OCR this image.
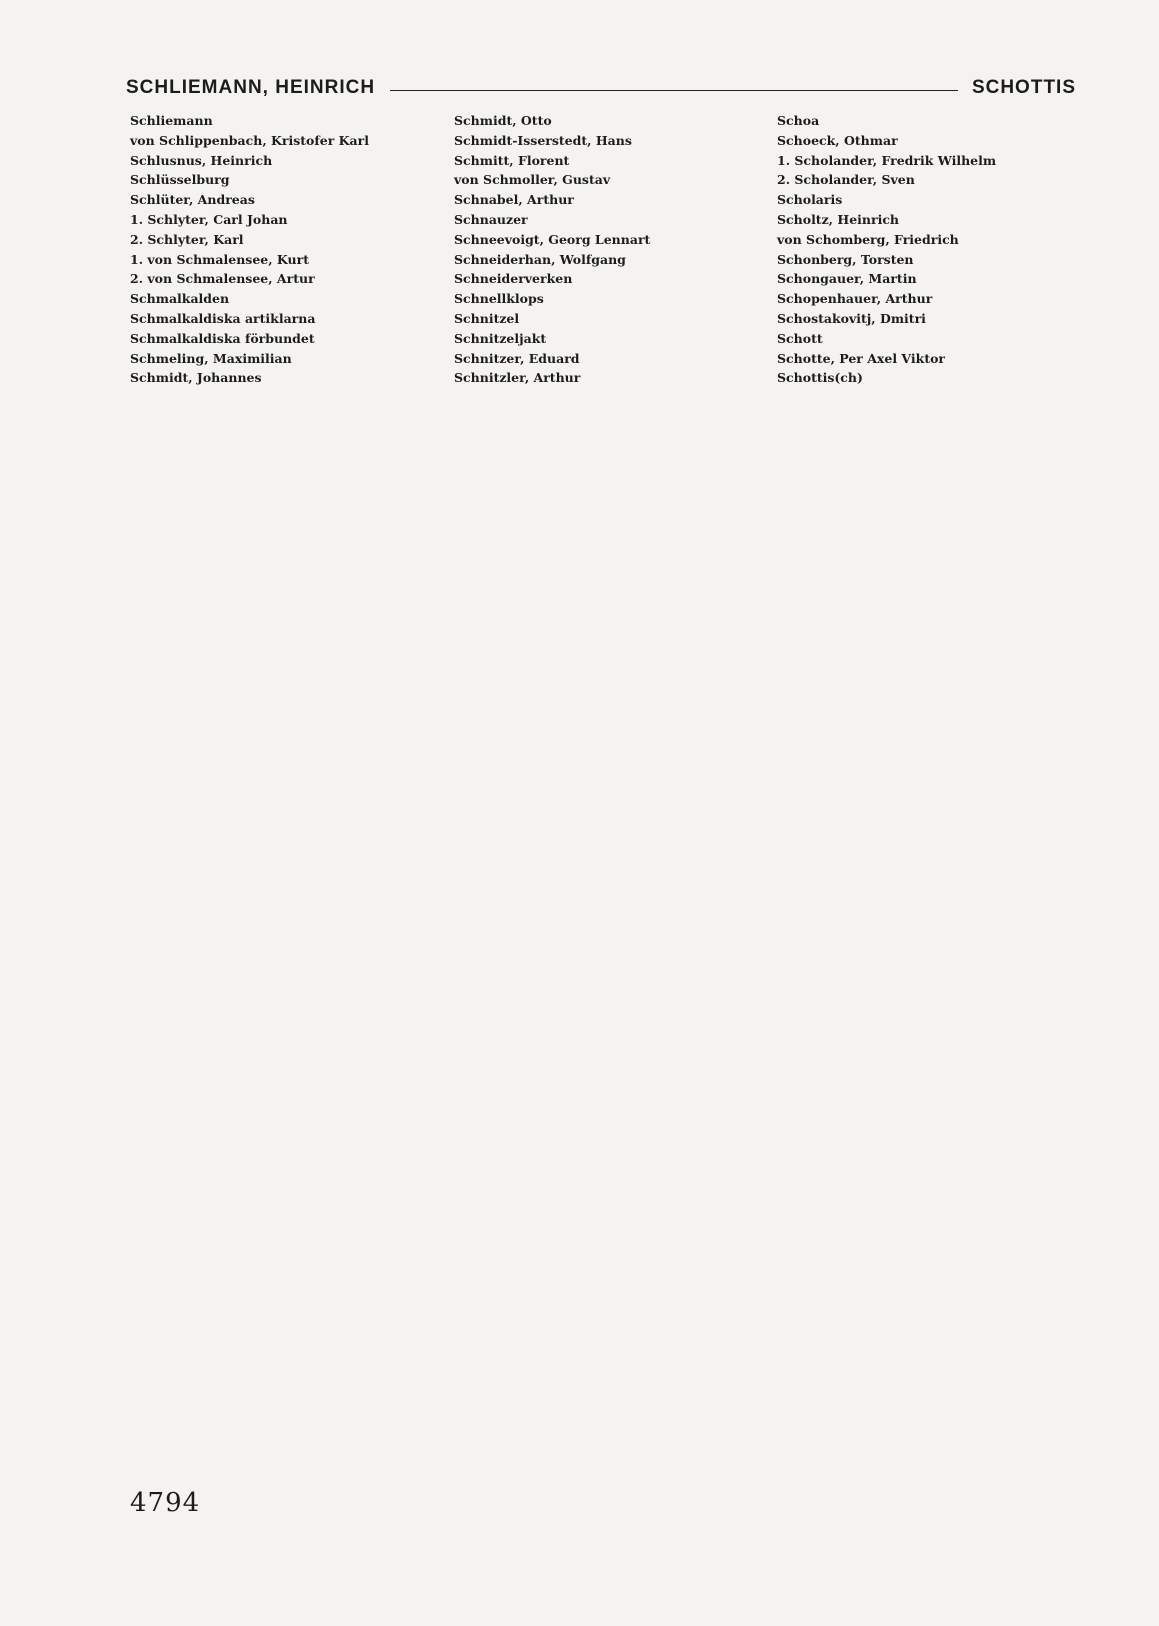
SCHLIEMANN, HEINRICH	SCHOTTIS

Schliemann

von Schlippenbach, Kristofer Karl

Schlusnus, Heinrich

Schlüsselburg

Schlüter, Andreas

1. Schlyter, Carl Johan

2. Schlyter, Karl

1. von Schmalensee, Kurt

2. von Schmalensee, Artur

Schmalkalden

Schmalkaldiska artiklarna

Schmalkaldiska förbundet

Schmeling, Maximilian

Schmidt, Johannes

Schmidt, Otto

Schmidt-Isserstedt, Hans

Schmitt, Florent

von Schmoller, Gustav

Schnabel, Arthur

Schnauzer

Schneevoigt, Georg Lennart

Schneiderhan, Wolfgang

Schneiderverken

Schnellklops

Schnitzel

Schnitzeljakt

Schnitzer, Eduard

Schnitzler, Arthur

Schoa

Schoeck, Othmar

1. Scholander, Fredrik Wilhelm

2. Scholander, Sven

Scholaris

Scholtz, Heinrich

von Schomberg, Friedrich

Schonberg, Torsten

Schongauer, Martin

Schopenhauer, Arthur

Schostakovitj, Dmitri

Schott

Schotte, Per Axel Viktor

Schottis(ch)

4794
